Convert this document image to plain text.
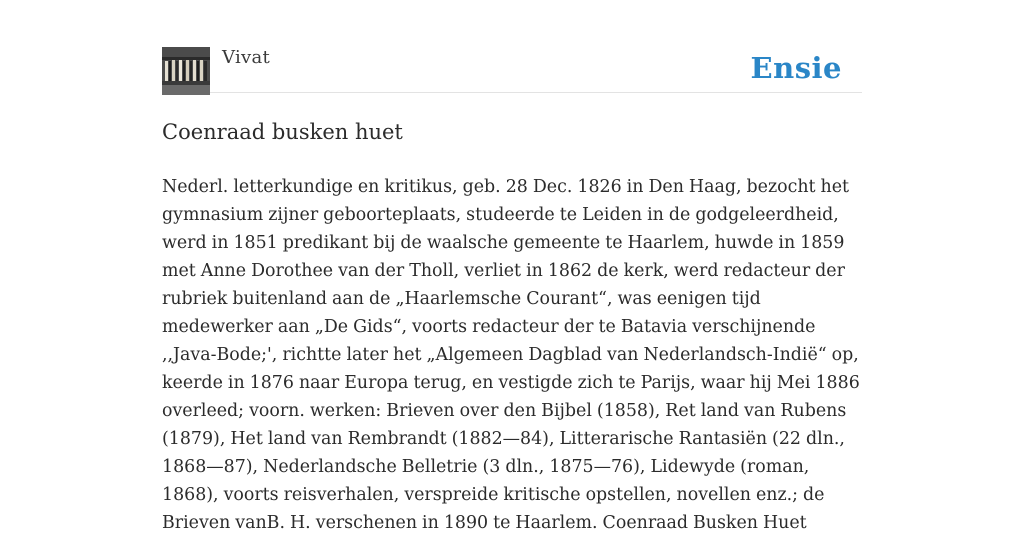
Vivat	Ensie
Coenraad busken huet
Nederl. letterkundige en kritikus, geb. 28 Dec. 1826 in Den Haag, bezocht het gymnasium zijner geboorteplaats, studeerde te Leiden in de godgeleerdheid, werd in 1851 predikant bij de waalsche gemeente te Haarlem, huwde in 1859 met Anne Dorothee van der Tholl, verliet in 1862 de kerk, werd redacteur der rubriek buitenland aan de „Haarlemsche Courant“, was eenigen tijd medewerker aan „De Gids“, voorts redacteur der te Batavia verschijnende ,,Java-Bode;', richtte later het „Algemeen Dagblad van Nederlandsch-Indië“ op, keerde in 1876 naar Europa terug, en vestigde zich te Parijs, waar hij Mei 1886 overleed; voorn. werken: Brieven over den Bijbel (1858), Ret land van Rubens (1879), Het land van Rembrandt (1882—84), Litterarische Rantasiën (22 dln., 1868—87), Nederlandsche Belletrie (3 dln., 1875—76), Lidewyde (roman, 1868), voorts reisverhalen, verspreide kritische opstellen, novellen enz.; de Brieven vanB. H. verschenen in 1890 te Haarlem. Coenraad Busken Huet
